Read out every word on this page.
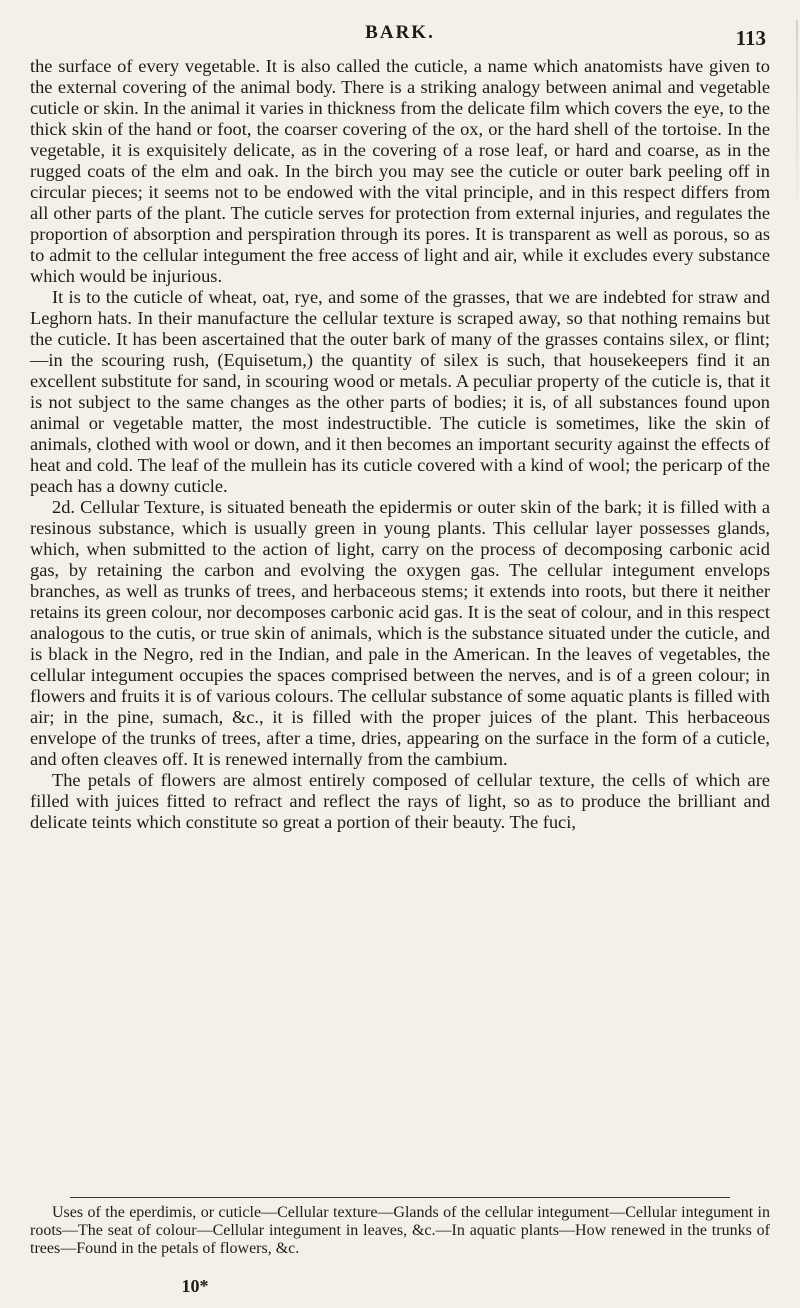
BARK.	113

the surface of every vegetable. It is also called the cuticle, a name which anatomists have given to the external covering of the animal body. There is a striking analogy between animal and vegetable cuticle or skin. In the animal it varies in thickness from the delicate film which covers the eye, to the thick skin of the hand or foot, the coarser covering of the ox, or the hard shell of the tortoise. In the vegetable, it is exquisitely delicate, as in the covering of a rose leaf, or hard and coarse, as in the rugged coats of the elm and oak. In the birch you may see the cuticle or outer bark peeling off in circular pieces; it seems not to be endowed with the vital principle, and in this respect differs from all other parts of the plant. The cuticle serves for protection from external injuries, and regulates the proportion of absorption and perspiration through its pores. It is transparent as well as porous, so as to admit to the cellular integument the free access of light and air, while it excludes every substance which would be injurious.

It is to the cuticle of wheat, oat, rye, and some of the grasses, that we are indebted for straw and Leghorn hats. In their manufacture the cellular texture is scraped away, so that nothing remains but the cuticle. It has been ascertained that the outer bark of many of the grasses contains silex, or flint;—in the scouring rush, (Equisetum,) the quantity of silex is such, that housekeepers find it an excellent substitute for sand, in scouring wood or metals. A peculiar property of the cuticle is, that it is not subject to the same changes as the other parts of bodies; it is, of all substances found upon animal or vegetable matter, the most indestructible. The cuticle is sometimes, like the skin of animals, clothed with wool or down, and it then becomes an important security against the effects of heat and cold. The leaf of the mullein has its cuticle covered with a kind of wool; the pericarp of the peach has a downy cuticle.

2d. Cellular Texture, is situated beneath the epidermis or outer skin of the bark; it is filled with a resinous substance, which is usually green in young plants. This cellular layer possesses glands, which, when submitted to the action of light, carry on the process of decomposing carbonic acid gas, by retaining the carbon and evolving the oxygen gas. The cellular integument envelops branches, as well as trunks of trees, and herbaceous stems; it extends into roots, but there it neither retains its green colour, nor decomposes carbonic acid gas. It is the seat of colour, and in this respect analogous to the cutis, or true skin of animals, which is the substance situated under the cuticle, and is black in the Negro, red in the Indian, and pale in the American. In the leaves of vegetables, the cellular integument occupies the spaces comprised between the nerves, and is of a green colour; in flowers and fruits it is of various colours. The cellular substance of some aquatic plants is filled with air; in the pine, sumach, &c., it is filled with the proper juices of the plant. This herbaceous envelope of the trunks of trees, after a time, dries, appearing on the surface in the form of a cuticle, and often cleaves off. It is renewed internally from the cambium.

The petals of flowers are almost entirely composed of cellular texture, the cells of which are filled with juices fitted to refract and reflect the rays of light, so as to produce the brilliant and delicate teints which constitute so great a portion of their beauty. The fuci,

Uses of the eperdimis, or cuticle—Cellular texture—Glands of the cellular integument—Cellular integument in roots—The seat of colour—Cellular integument in leaves, &c.—In aquatic plants—How renewed in the trunks of trees—Found in the petals of flowers, &c.
10*
